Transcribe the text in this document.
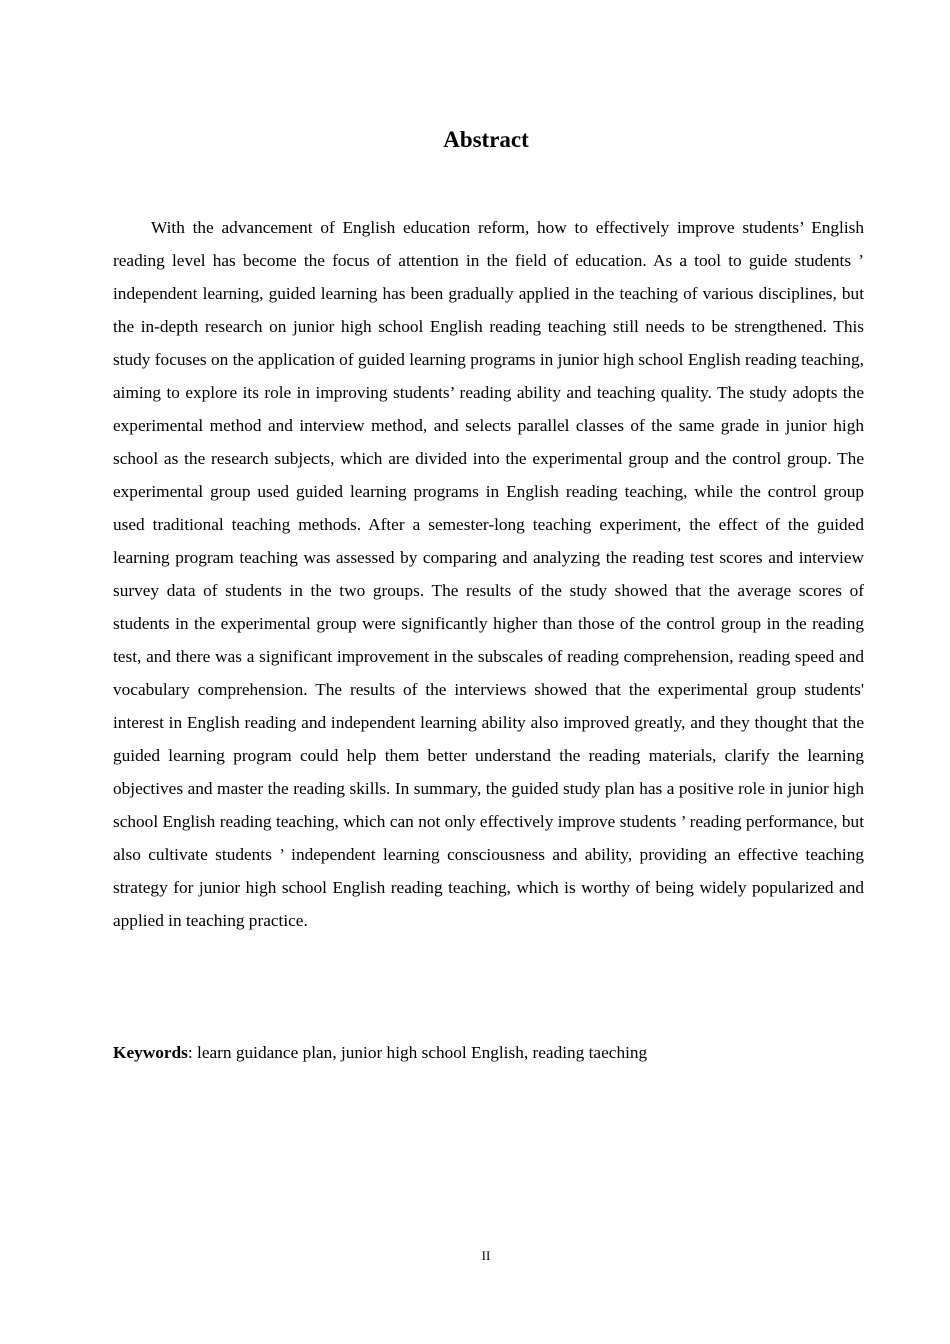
Abstract

With the advancement of English education reform, how to effectively improve students’ English reading level has become the focus of attention in the field of education. As a tool to guide students ’ independent learning, guided learning has been gradually applied in the teaching of various disciplines, but the in-depth research on junior high school English reading teaching still needs to be strengthened. This study focuses on the application of guided learning programs in junior high school English reading teaching, aiming to explore its role in improving students’ reading ability and teaching quality. The study adopts the experimental method and interview method, and selects parallel classes of the same grade in junior high school as the research subjects, which are divided into the experimental group and the control group. The experimental group used guided learning programs in English reading teaching, while the control group used traditional teaching methods. After a semester-long teaching experiment, the effect of the guided learning program teaching was assessed by comparing and analyzing the reading test scores and interview survey data of students in the two groups. The results of the study showed that the average scores of students in the experimental group were significantly higher than those of the control group in the reading test, and there was a significant improvement in the subscales of reading comprehension, reading speed and vocabulary comprehension. The results of the interviews showed that the experimental group students' interest in English reading and independent learning ability also improved greatly, and they thought that the guided learning program could help them better understand the reading materials, clarify the learning objectives and master the reading skills. In summary, the guided study plan has a positive role in junior high school English reading teaching, which can not only effectively improve students ’ reading performance, but also cultivate students ’ independent learning consciousness and ability, providing an effective teaching strategy for junior high school English reading teaching, which is worthy of being widely popularized and applied in teaching practice.

Keywords: learn guidance plan, junior high school English, reading taeching

II
